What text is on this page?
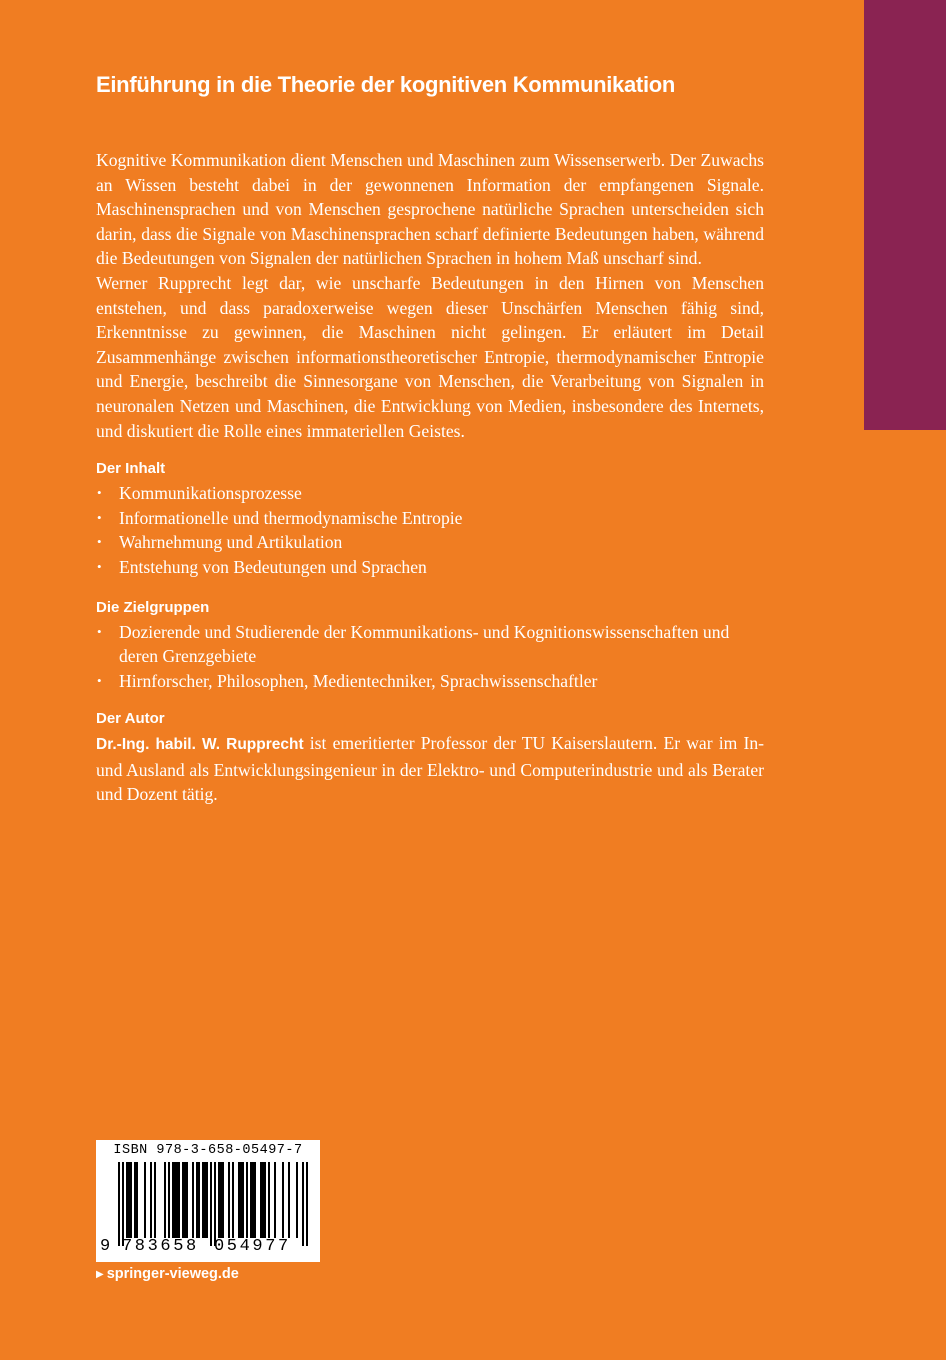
Einführung in die Theorie der kognitiven Kommunikation

Kognitive Kommunikation dient Menschen und Maschinen zum Wissenserwerb. Der Zuwachs an Wissen besteht dabei in der gewonnenen Information der empfangenen Signale. Maschinensprachen und von Menschen gesprochene natürliche Sprachen unterscheiden sich darin, dass die Signale von Maschinensprachen scharf definierte Bedeutungen haben, während die Bedeutungen von Signalen der natürlichen Sprachen in hohem Maß unscharf sind.

Werner Rupprecht legt dar, wie unscharfe Bedeutungen in den Hirnen von Menschen entstehen, und dass paradoxerweise wegen dieser Unschärfen Menschen fähig sind, Erkenntnisse zu gewinnen, die Maschinen nicht gelingen. Er erläutert im Detail Zusammenhänge zwischen informationstheoretischer Entropie, thermodynamischer Entropie und Energie, beschreibt die Sinnesorgane von Menschen, die Verarbeitung von Signalen in neuronalen Netzen und Maschinen, die Entwicklung von Medien, insbesondere des Internets, und diskutiert die Rolle eines immateriellen Geistes.

Der Inhalt
• Kommunikationsprozesse
• Informationelle und thermodynamische Entropie
• Wahrnehmung und Artikulation
• Entstehung von Bedeutungen und Sprachen
Die Zielgruppen
• Dozierende und Studierende der Kommunikations- und Kognitionswissenschaften und deren Grenzgebiete
• Hirnforscher, Philosophen, Medientechniker, Sprachwissenschaftler
Der Autor

Dr.-Ing. habil. W. Rupprecht ist emeritierter Professor der TU Kaiserslautern. Er war im In- und Ausland als Entwicklungsingenieur in der Elektro- und Computerindustrie und als Berater und Dozent tätig.

ISBN 978-3-658-05497-7
9 783658 054977
▶ springer-vieweg.de
